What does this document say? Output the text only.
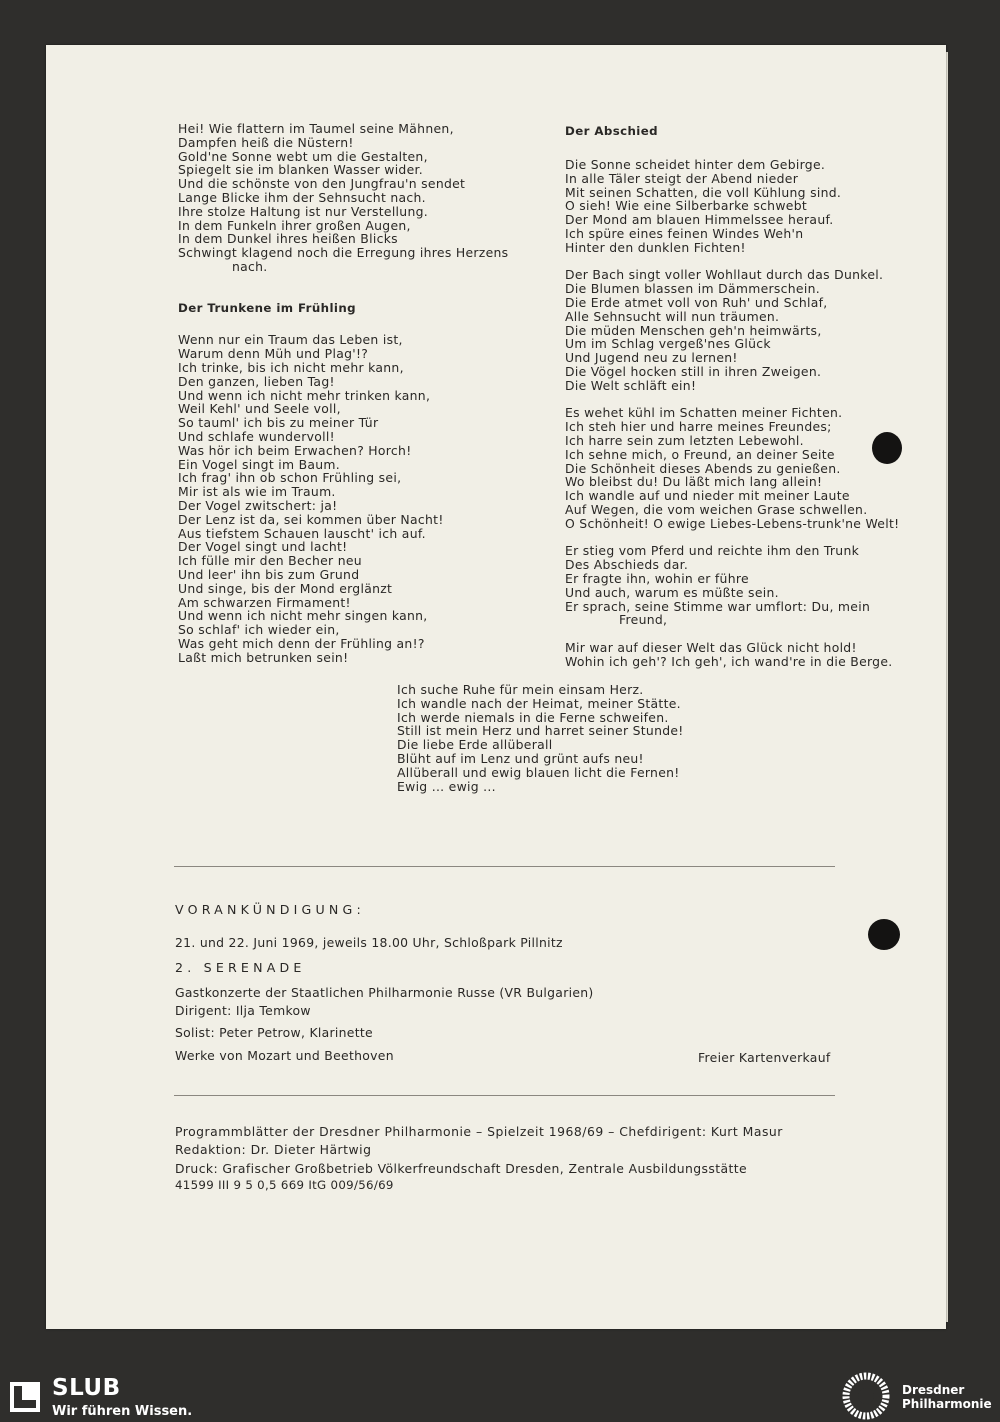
Hei! Wie flattern im Taumel seine Mähnen,
Dampfen heiß die Nüstern!
Gold'ne Sonne webt um die Gestalten,
Spiegelt sie im blanken Wasser wider.
Und die schönste von den Jungfrau'n sendet
Lange Blicke ihm der Sehnsucht nach.
Ihre stolze Haltung ist nur Verstellung.
In dem Funkeln ihrer großen Augen,
In dem Dunkel ihres heißen Blicks
Schwingt klagend noch die Erregung ihres Herzens
nach.
Der Trunkene im Frühling
Wenn nur ein Traum das Leben ist,
Warum denn Müh und Plag'!?
Ich trinke, bis ich nicht mehr kann,
Den ganzen, lieben Tag!
Und wenn ich nicht mehr trinken kann,
Weil Kehl' und Seele voll,
So tauml' ich bis zu meiner Tür
Und schlafe wundervoll!
Was hör ich beim Erwachen? Horch!
Ein Vogel singt im Baum.
Ich frag' ihn ob schon Frühling sei,
Mir ist als wie im Traum.
Der Vogel zwitschert: ja!
Der Lenz ist da, sei kommen über Nacht!
Aus tiefstem Schauen lauscht' ich auf.
Der Vogel singt und lacht!
Ich fülle mir den Becher neu
Und leer' ihn bis zum Grund
Und singe, bis der Mond erglänzt
Am schwarzen Firmament!
Und wenn ich nicht mehr singen kann,
So schlaf' ich wieder ein,
Was geht mich denn der Frühling an!?
Laßt mich betrunken sein!
Der Abschied
Die Sonne scheidet hinter dem Gebirge.
In alle Täler steigt der Abend nieder
Mit seinen Schatten, die voll Kühlung sind.
O sieh! Wie eine Silberbarke schwebt
Der Mond am blauen Himmelssee herauf.
Ich spüre eines feinen Windes Weh'n
Hinter den dunklen Fichten!
Der Bach singt voller Wohllaut durch das Dunkel.
Die Blumen blassen im Dämmerschein.
Die Erde atmet voll von Ruh' und Schlaf,
Alle Sehnsucht will nun träumen.
Die müden Menschen geh'n heimwärts,
Um im Schlag vergeß'nes Glück
Und Jugend neu zu lernen!
Die Vögel hocken still in ihren Zweigen.
Die Welt schläft ein!
Es wehet kühl im Schatten meiner Fichten.
Ich steh hier und harre meines Freundes;
Ich harre sein zum letzten Lebewohl.
Ich sehne mich, o Freund, an deiner Seite
Die Schönheit dieses Abends zu genießen.
Wo bleibst du! Du läßt mich lang allein!
Ich wandle auf und nieder mit meiner Laute
Auf Wegen, die vom weichen Grase schwellen.
O Schönheit! O ewige Liebes-Lebens-trunk'ne Welt!
Er stieg vom Pferd und reichte ihm den Trunk
Des Abschieds dar.
Er fragte ihn, wohin er führe
Und auch, warum es müßte sein.
Er sprach, seine Stimme war umflort: Du, mein
Freund,
Mir war auf dieser Welt das Glück nicht hold!
Wohin ich geh'? Ich geh', ich wand're in die Berge.
Ich suche Ruhe für mein einsam Herz.
Ich wandle nach der Heimat, meiner Stätte.
Ich werde niemals in die Ferne schweifen.
Still ist mein Herz und harret seiner Stunde!
Die liebe Erde allüberall
Blüht auf im Lenz und grünt aufs neu!
Allüberall und ewig blauen licht die Fernen!
Ewig ... ewig ...
VORANKÜNDIGUNG:
21. und 22. Juni 1969, jeweils 18.00 Uhr, Schloßpark Pillnitz
2. SERENADE
Gastkonzerte der Staatlichen Philharmonie Russe (VR Bulgarien)
Dirigent: Ilja Temkow
Solist: Peter Petrow, Klarinette
Werke von Mozart und Beethoven	Freier Kartenverkauf
Programmblätter der Dresdner Philharmonie – Spielzeit 1968/69 – Chefdirigent: Kurt Masur
Redaktion: Dr. Dieter Härtwig
Druck: Grafischer Großbetrieb Völkerfreundschaft Dresden, Zentrale Ausbildungsstätte
41599 III 9 5 0,5 669 ItG 009/56/69
SLUB
Wir führen Wissen.
Dresdner
Philharmonie
